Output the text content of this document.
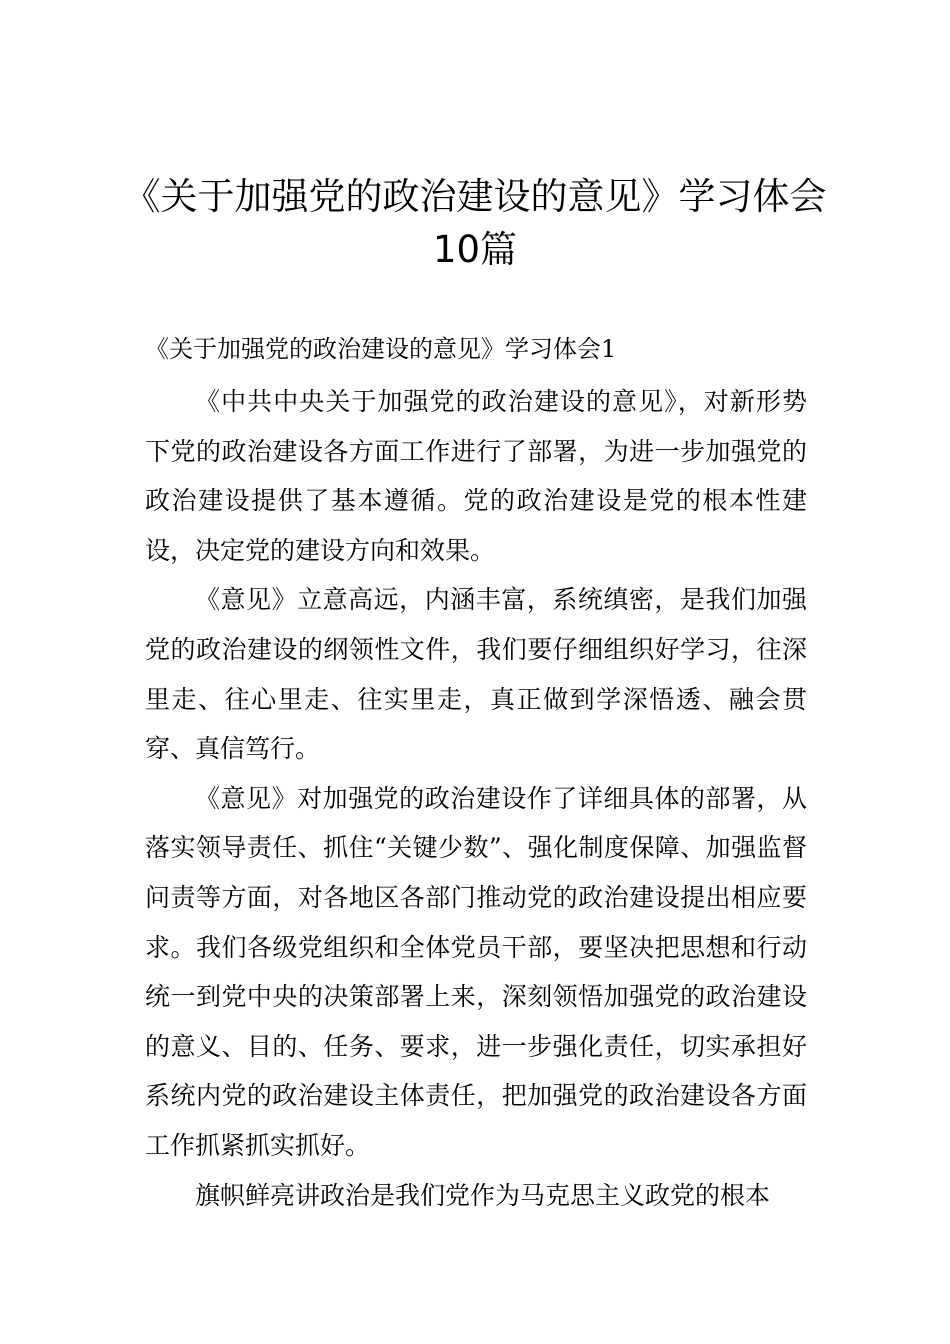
《关于加强党的政治建设的意见》学习体会10篇
《关于加强党的政治建设的意见》学习体会1

《中共中央关于加强党的政治建设的意见》，对新形势下党的政治建设各方面工作进行了部署，为进一步加强党的政治建设提供了基本遵循。党的政治建设是党的根本性建设，决定党的建设方向和效果。

《意见》立意高远，内涵丰富，系统缜密，是我们加强党的政治建设的纲领性文件，我们要仔细组织好学习，往深里走、往心里走、往实里走，真正做到学深悟透、融会贯穿、真信笃行。

《意见》对加强党的政治建设作了详细具体的部署，从落实领导责任、抓住“关键少数”、强化制度保障、加强监督问责等方面，对各地区各部门推动党的政治建设提出相应要求。我们各级党组织和全体党员干部，要坚决把思想和行动统一到党中央的决策部署上来，深刻领悟加强党的政治建设的意义、目的、任务、要求，进一步强化责任，切实承担好系统内党的政治建设主体责任，把加强党的政治建设各方面工作抓紧抓实抓好。

旗帜鲜亮讲政治是我们党作为马克思主义政党的根本
